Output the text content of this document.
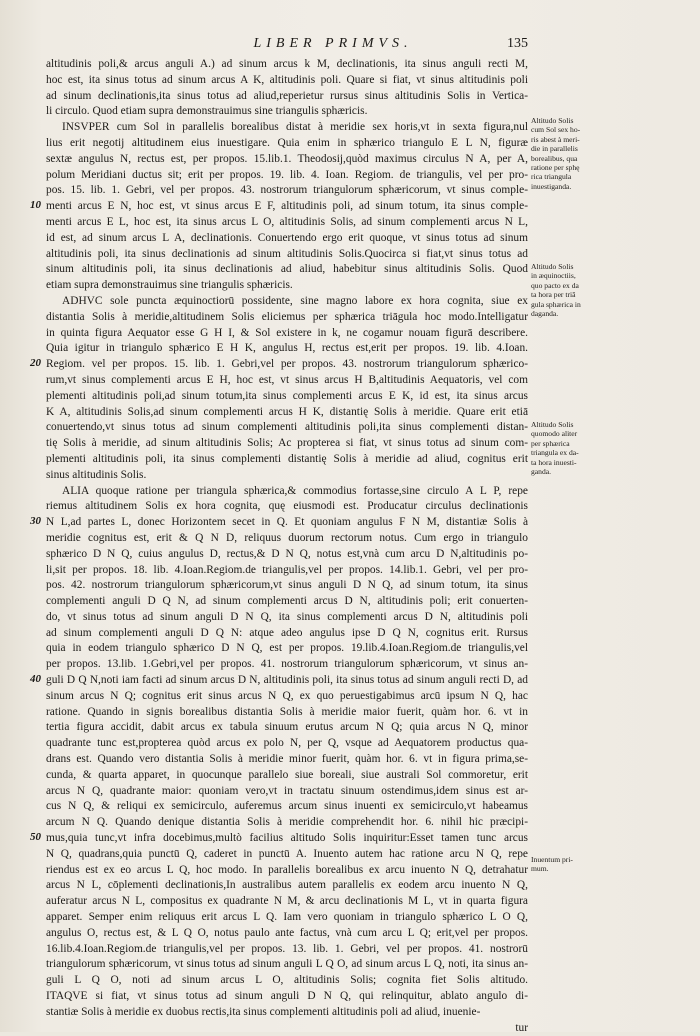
LIBER PRIMVS.	135
altitudinis poli,& arcus anguli A.) ad sinum arcus k M, declinationis, ita sinus anguli recti M,
hoc est, ita sinus totus ad sinum arcus A K, altitudinis poli. Quare si fiat, vt sinus altitudinis poli
ad sinum declinationis,ita sinus totus ad aliud,reperietur rursus sinus altitudinis Solis in Vertica-
li circulo. Quod etiam supra demonstrauimus sine triangulis sphæricis.
INSVPER cum Sol in parallelis borealibus distat à meridie sex horis,vt in sexta figura,nul
lius erit negotij altitudinem eius inuestigare. Quia enim in sphærico triangulo E L N, figuræ
sextæ angulus N, rectus est, per propos. 15.lib.1. Theodosij,quòd maximus circulus N A, per A,
polum Meridiani ductus sit; erit per propos. 19. lib. 4. Ioan. Regiom. de triangulis, vel per pro-
pos. 15. lib. 1. Gebri, vel per propos. 43. nostrorum triangulorum sphæricorum, vt sinus comple-
menti arcus E N, hoc est, vt sinus arcus E F, altitudinis poli, ad sinum totum, ita sinus comple-
menti arcus E L, hoc est, ita sinus arcus L O, altitudinis Solis, ad sinum complementi arcus N L,
id est, ad sinum arcus L A, declinationis. Conuertendo ergo erit quoque, vt sinus totus ad sinum
altitudinis poli, ita sinus declinationis ad sinum altitudinis Solis.Quocirca si fiat,vt sinus totus ad
sinum altitudinis poli, ita sinus declinationis ad aliud, habebitur sinus altitudinis Solis. Quod
etiam supra demonstrauimus sine triangulis sphæricis.
ADHVC sole puncta æquinoctiorū possidente, sine magno labore ex hora cognita, siue ex
distantia Solis à meridie,altitudinem Solis eliciemus per sphærica triāgula hoc modo.Intelligatur
in quinta figura Aequator esse G H I, & Sol existere in k, ne cogamur nouam figurā describere.
Quia igitur in triangulo sphærico E H K, angulus H, rectus est,erit per propos. 19. lib. 4.Ioan.
Regiom. vel per propos. 15. lib. 1. Gebri,vel per propos. 43. nostrorum triangulorum sphærico-
rum,vt sinus complementi arcus E H, hoc est, vt sinus arcus H B,altitudinis Aequatoris, vel com
plementi altitudinis poli,ad sinum totum,ita sinus complementi arcus E K, id est, ita sinus arcus
K A, altitudinis Solis,ad sinum complementi arcus H K, distantię Solis à meridie. Quare erit etiā
conuertendo,vt sinus totus ad sinum complementi altitudinis poli,ita sinus complementi distan-
tię Solis à meridie, ad sinum altitudinis Solis; Ac propterea si fiat, vt sinus totus ad sinum com-
plementi altitudinis poli, ita sinus complementi distantię Solis à meridie ad aliud, cognitus erit
sinus altitudinis Solis.
ALIA quoque ratione per triangula sphærica,& commodius fortasse,sine circulo A L P, repe
riemus altitudinem Solis ex hora cognita, quę eiusmodi est. Producatur circulus declinationis
N L,ad partes L, donec Horizontem secet in Q. Et quoniam angulus F N M, distantiæ Solis à
meridie cognitus est, erit & Q N D, reliquus duorum rectorum notus. Cum ergo in triangulo
sphærico D N Q, cuius angulus D, rectus,& D N Q, notus est,vnà cum arcu D N,altitudinis po-
li,sit per propos. 18. lib. 4.Ioan.Regiom.de triangulis,vel per propos. 14.lib.1. Gebri, vel per pro-
pos. 42. nostrorum triangulorum sphæricorum,vt sinus anguli D N Q, ad sinum totum, ita sinus
complementi anguli D Q N, ad sinum complementi arcus D N, altitudinis poli; erit conuerten-
do, vt sinus totus ad sinum anguli D N Q, ita sinus complementi arcus D N, altitudinis poli
ad sinum complementi anguli D Q N: atque adeo angulus ipse D Q N, cognitus erit. Rursus
quia in eodem triangulo sphærico D N Q, est per propos. 19.lib.4.Ioan.Regiom.de triangulis,vel
per propos. 13.lib. 1.Gebri,vel per propos. 41. nostrorum triangulorum sphæricorum, vt sinus an-
guli D Q N,noti iam facti ad sinum arcus D N, altitudinis poli, ita sinus totus ad sinum anguli recti D, ad
sinum arcus N Q; cognitus erit sinus arcus N Q, ex quo peruestigabimus arcū ipsum N Q, hac
ratione. Quando in signis borealibus distantia Solis à meridie maior fuerit, quàm hor. 6. vt in
tertia figura accidit, dabit arcus ex tabula sinuum erutus arcum N Q; quia arcus N Q, minor
quadrante tunc est,propterea quòd arcus ex polo N, per Q, vsque ad Aequatorem productus qua-
drans est. Quando vero distantia Solis à meridie minor fuerit, quàm hor. 6. vt in figura prima,se-
cunda, & quarta apparet, in quocunque parallelo siue boreali, siue australi Sol commoretur, erit
arcus N Q, quadrante maior: quoniam vero,vt in tractatu sinuum ostendimus,idem sinus est ar-
cus N Q, & reliqui ex semicirculo, auferemus arcum sinus inuenti ex semicirculo,vt habeamus
arcum N Q. Quando denique distantia Solis à meridie comprehendit hor. 6. nihil hic præcipi-
mus,quia tunc,vt infra docebimus,multò facilius altitudo Solis inquiritur:Esset tamen tunc arcus
N Q, quadrans,quia punctū Q, caderet in punctū A. Inuento autem hac ratione arcu N Q, repe
riendus est ex eo arcus L Q, hoc modo. In parallelis borealibus ex arcu inuento N Q, detrahatur
arcus N L, cōplementi declinationis,In australibus autem parallelis ex eodem arcu inuento N Q,
auferatur arcus N L, compositus ex quadrante N M, & arcu declinationis M L, vt in quarta figura
apparet. Semper enim reliquus erit arcus L Q. Iam vero quoniam in triangulo sphærico L O Q,
angulus O, rectus est, & L Q O, notus paulo ante factus, vnà cum arcu L Q; erit,vel per propos.
16.lib.4.Ioan.Regiom.de triangulis,vel per propos. 13. lib. 1. Gebri, vel per propos. 41. nostrorū
triangulorum sphæricorum, vt sinus totus ad sinum anguli L Q O, ad sinum arcus L Q, noti, ita sinus an-
guli L Q O, noti ad sinum arcus L O, altitudinis Solis; cognita fiet Solis altitudo.
ITAQVE si fiat, vt sinus totus ad sinum anguli D N Q, qui relinquitur, ablato angulo di-
stantiæ Solis à meridie ex duobus rectis,ita sinus complementi altitudinis poli ad aliud, inuenie-
tur
10
20
30
40
50
Altitudo Solis
cum Sol sex ho-
ris abest à meri-
die in parallelis
borealibus, qua
ratione per sphę
rica triangula
inuestiganda.
Altitudo Solis
in æquinoctiis,
quo pacto ex da
ta hora per triā
gula sphærica in
daganda.
Altitudo Solis
quomodo aliter
per sphærica
triangula ex da-
ta hora inuesti-
ganda.
Inuentum pri-
mum.
